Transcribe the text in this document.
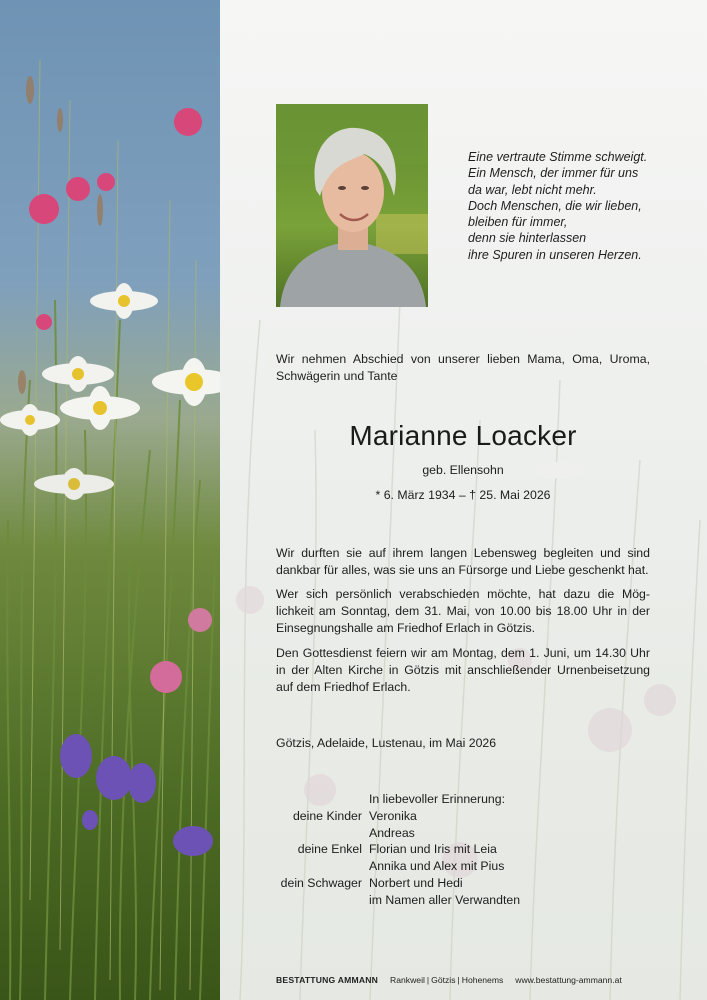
Eine vertraute Stimme schweigt.
Ein Mensch, der immer für uns
da war, lebt nicht mehr.
Doch Menschen, die wir lieben,
bleiben für immer,
denn sie hinterlassen
ihre Spuren in unseren Herzen.
Wir nehmen Abschied von unserer lieben Mama, Oma, Uroma, Schwägerin und Tante
Marianne Loacker
geb. Ellensohn
* 6. März 1934 – † 25. Mai 2026
Wir durften sie auf ihrem langen Lebensweg begleiten und sind
dankbar für alles, was sie uns an Fürsorge und Liebe geschenkt hat.
Wer sich persönlich verabschieden möchte, hat dazu die Mög-
lichkeit am Sonntag, dem 31. Mai, von 10.00 bis 18.00 Uhr in der
Einsegnungshalle am Friedhof Erlach in Götzis.
Den Gottesdienst feiern wir am Montag, dem 1. Juni, um 14.30 Uhr
in der Alten Kirche in Götzis mit anschließender Urnenbeisetzung
auf dem Friedhof Erlach.
Götzis, Adelaide, Lustenau, im Mai 2026
In liebevoller Erinnerung:
deine Kinder Veronika
Andreas
deine Enkel Florian und Iris mit Leia
Annika und Alex mit Pius
dein Schwager Norbert und Hedi
im Namen aller Verwandten
BESTATTUNG AMMANN Rankweil | Götzis | Hohenems www.bestattung-ammann.at
